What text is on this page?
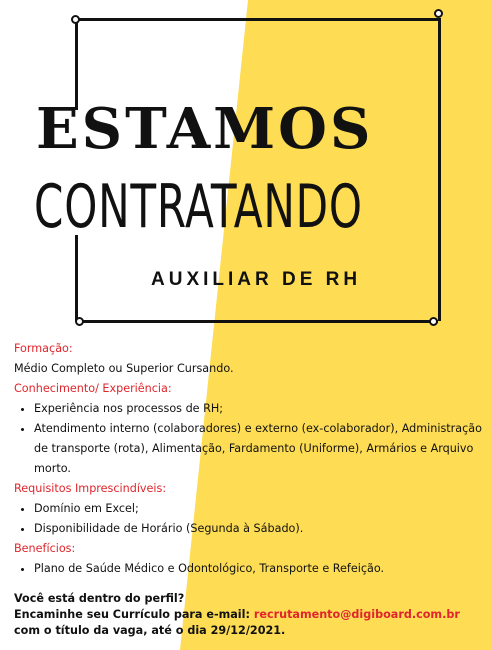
ESTAMOS
CONTRATANDO
AUXILIAR DE RH
Formação:
Médio Completo ou Superior Cursando.
Conhecimento/ Experiência:
• Experiência nos processos de RH;
• Atendimento interno (colaboradores) e externo (ex-colaborador), Administração de transporte (rota), Alimentação, Fardamento (Uniforme), Armários e Arquivo morto.
Requisitos Imprescindíveis:
• Domínio em Excel;
• Disponibilidade de Horário (Segunda à Sábado).
Benefícios:
• Plano de Saúde Médico e Odontológico, Transporte e Refeição.
Você está dentro do perfil?
Encaminhe seu Currículo para e-mail: recrutamento@digiboard.com.br com o título da vaga, até o dia 29/12/2021.
